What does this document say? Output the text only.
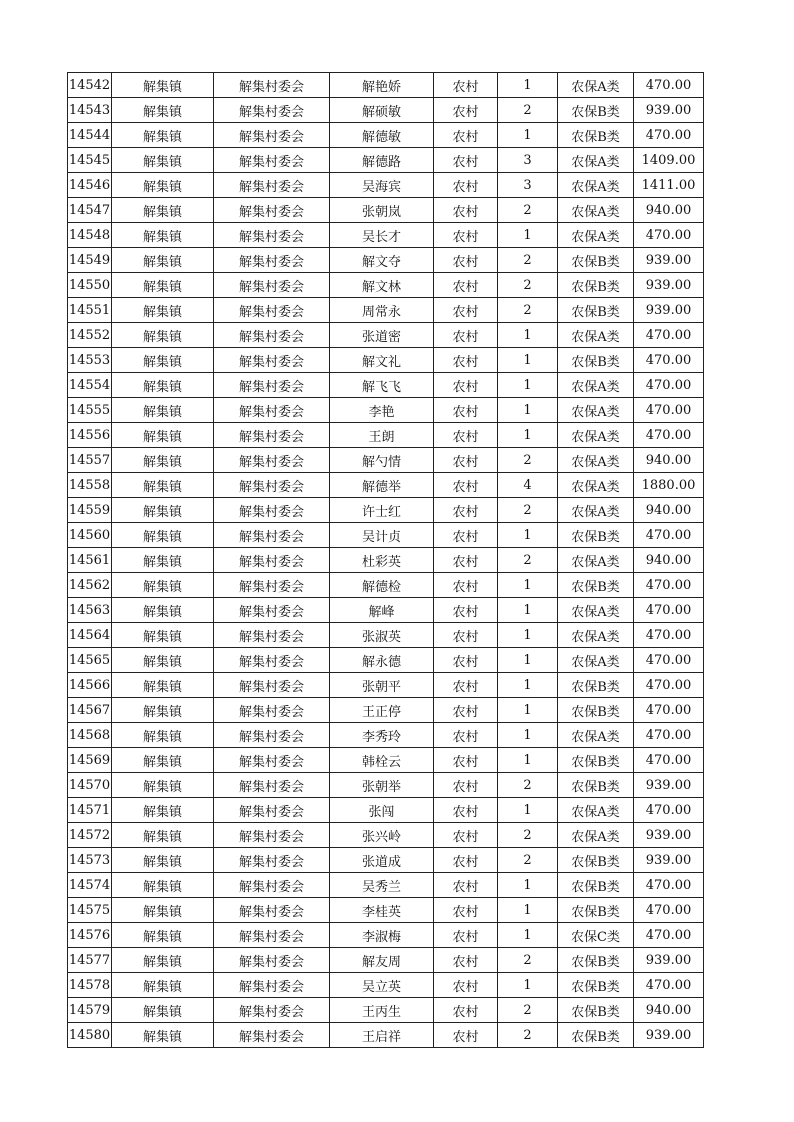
14542	解集镇	解集村委会	解艳娇	农村	1	农保A类	470.00
14543	解集镇	解集村委会	解硕敏	农村	2	农保B类	939.00
14544	解集镇	解集村委会	解德敏	农村	1	农保B类	470.00
14545	解集镇	解集村委会	解德路	农村	3	农保A类	1409.00
14546	解集镇	解集村委会	吴海宾	农村	3	农保A类	1411.00
14547	解集镇	解集村委会	张朝岚	农村	2	农保A类	940.00
14548	解集镇	解集村委会	吴长才	农村	1	农保A类	470.00
14549	解集镇	解集村委会	解文夺	农村	2	农保B类	939.00
14550	解集镇	解集村委会	解文林	农村	2	农保B类	939.00
14551	解集镇	解集村委会	周常永	农村	2	农保B类	939.00
14552	解集镇	解集村委会	张道密	农村	1	农保A类	470.00
14553	解集镇	解集村委会	解文礼	农村	1	农保B类	470.00
14554	解集镇	解集村委会	解飞飞	农村	1	农保A类	470.00
14555	解集镇	解集村委会	李艳	农村	1	农保A类	470.00
14556	解集镇	解集村委会	王朗	农村	1	农保A类	470.00
14557	解集镇	解集村委会	解勺情	农村	2	农保A类	940.00
14558	解集镇	解集村委会	解德举	农村	4	农保A类	1880.00
14559	解集镇	解集村委会	许士红	农村	2	农保A类	940.00
14560	解集镇	解集村委会	吴计贞	农村	1	农保B类	470.00
14561	解集镇	解集村委会	杜彩英	农村	2	农保A类	940.00
14562	解集镇	解集村委会	解德检	农村	1	农保B类	470.00
14563	解集镇	解集村委会	解峰	农村	1	农保A类	470.00
14564	解集镇	解集村委会	张淑英	农村	1	农保A类	470.00
14565	解集镇	解集村委会	解永德	农村	1	农保A类	470.00
14566	解集镇	解集村委会	张朝平	农村	1	农保B类	470.00
14567	解集镇	解集村委会	王正停	农村	1	农保B类	470.00
14568	解集镇	解集村委会	李秀玲	农村	1	农保A类	470.00
14569	解集镇	解集村委会	韩栓云	农村	1	农保B类	470.00
14570	解集镇	解集村委会	张朝举	农村	2	农保B类	939.00
14571	解集镇	解集村委会	张闯	农村	1	农保A类	470.00
14572	解集镇	解集村委会	张兴岭	农村	2	农保A类	939.00
14573	解集镇	解集村委会	张道成	农村	2	农保B类	939.00
14574	解集镇	解集村委会	吴秀兰	农村	1	农保B类	470.00
14575	解集镇	解集村委会	李桂英	农村	1	农保B类	470.00
14576	解集镇	解集村委会	李淑梅	农村	1	农保C类	470.00
14577	解集镇	解集村委会	解友周	农村	2	农保B类	939.00
14578	解集镇	解集村委会	吴立英	农村	1	农保B类	470.00
14579	解集镇	解集村委会	王丙生	农村	2	农保B类	940.00
14580	解集镇	解集村委会	王启祥	农村	2	农保B类	939.00
